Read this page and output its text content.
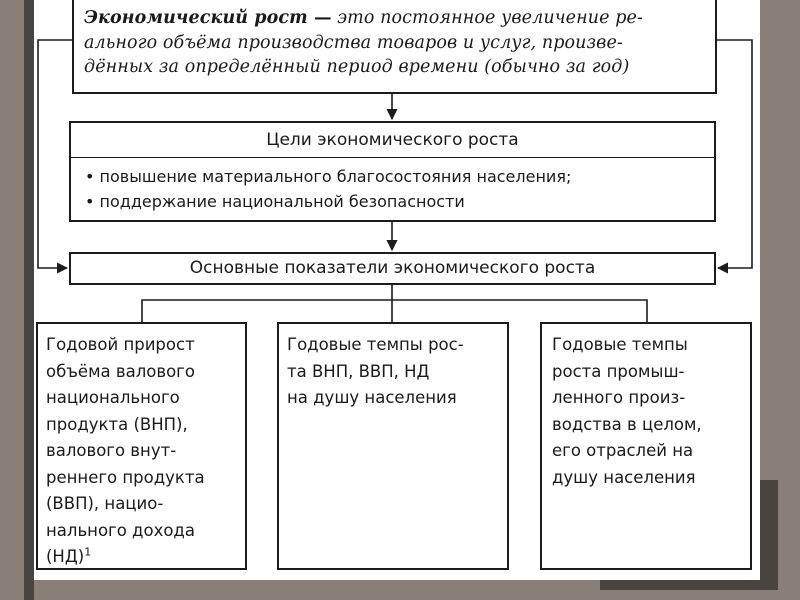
Экономический рост — это постоянное увеличение ре-
ального объёма производства товаров и услуг, произве-
дённых за определённый период времени (обычно за год)

Цели экономического роста
• повышение материального благосостояния населения;
• поддержание национальной безопасности
Основные показатели экономического роста

Годовой прирост
объёма валового
национального
продукта (ВНП),
валового внут-
реннего продукта
(ВВП), нацио-
нального дохода
(НД)$^1$

Годовые темпы рос-
та ВНП, ВВП, НД
на душу населения

Годовые темпы
роста промыш-
ленного произ-
водства в целом,
его отраслей на
душу населения
